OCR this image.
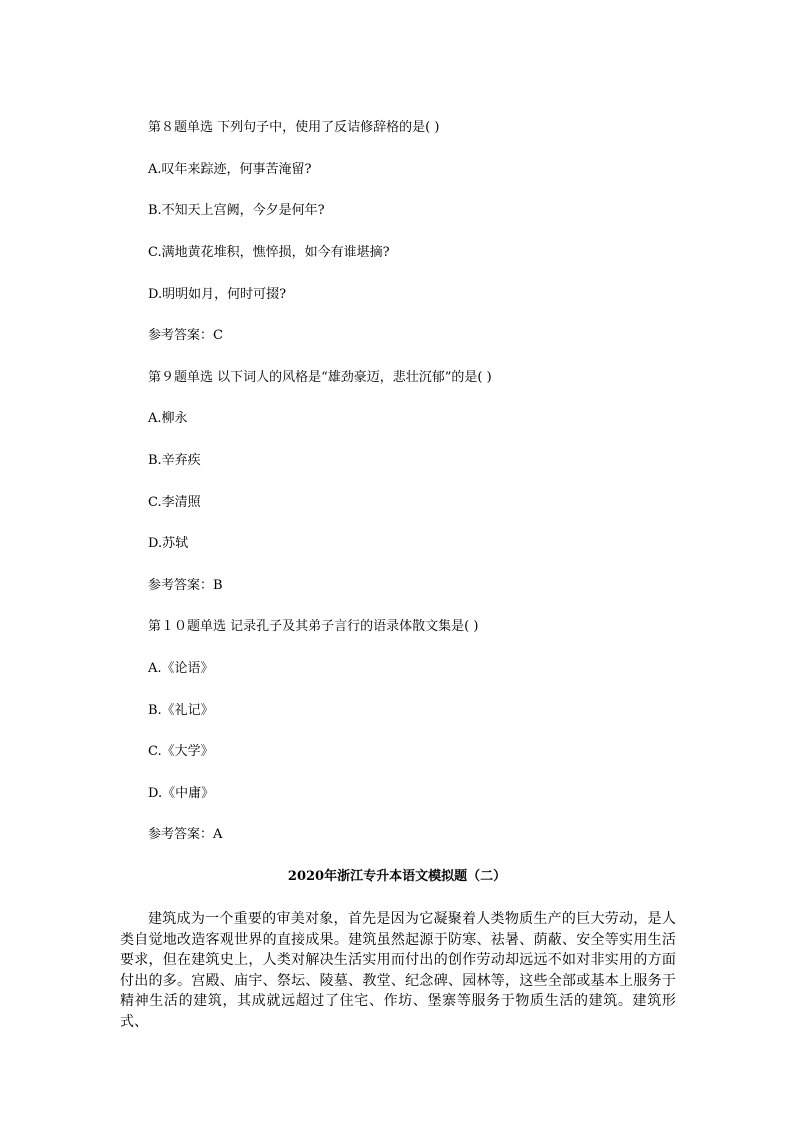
第８题单选 下列句子中，使用了反诘修辞格的是( )
A.叹年来踪迹，何事苦淹留?
B.不知天上宫阙，今夕是何年?
C.满地黄花堆积，憔悴损，如今有谁堪摘?
D.明明如月，何时可掇?
参考答案：C
第９题单选 以下词人的风格是“雄劲豪迈，悲壮沉郁”的是( )
A.柳永
B.辛弃疾
C.李清照
D.苏轼
参考答案：B
第１０题单选 记录孔子及其弟子言行的语录体散文集是( )
A.《论语》
B.《礼记》
C.《大学》
D.《中庸》
参考答案：A
2020年浙江专升本语文模拟题（二）

建筑成为一个重要的审美对象，首先是因为它凝聚着人类物质生产的巨大劳动，是人类自觉地改造客观世界的直接成果。建筑虽然起源于防寒、祛暑、荫蔽、安全等实用生活要求，但在建筑史上，人类对解决生活实用而付出的创作劳动却远远不如对非实用的方面付出的多。宫殿、庙宇、祭坛、陵墓、教堂、纪念碑、园林等，这些全部或基本上服务于精神生活的建筑，其成就远超过了住宅、作坊、堡寨等服务于物质生活的建筑。建筑形式、
